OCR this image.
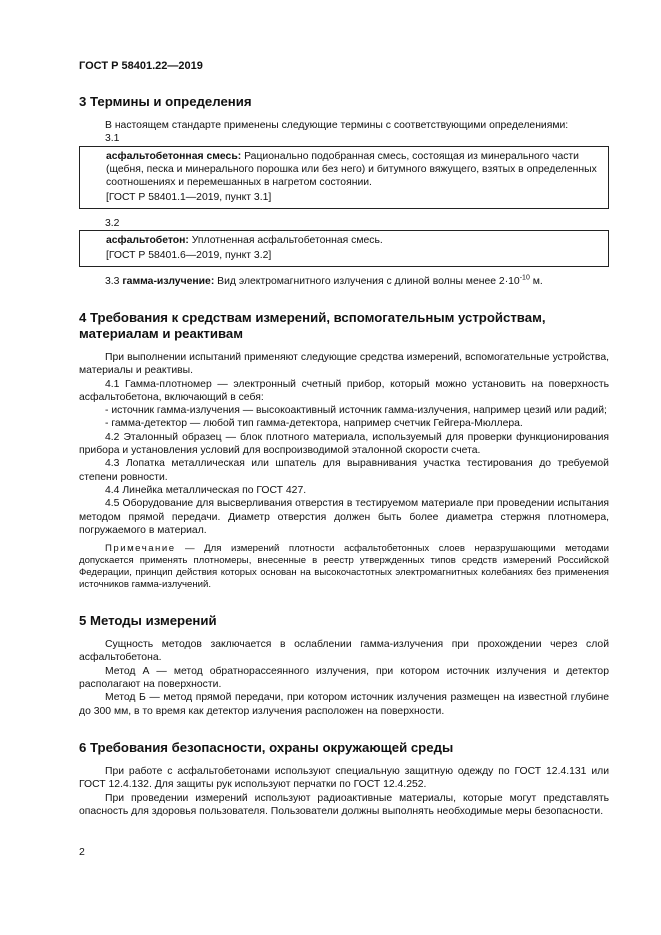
ГОСТ Р 58401.22—2019
3 Термины и определения

В настоящем стандарте применены следующие термины с соответствующими определениями:

3.1

асфальтобетонная смесь: Рационально подобранная смесь, состоящая из минерального части (щебня, песка и минерального порошка или без него) и битумного вяжущего, взятых в определенных соотношениях и перемешанных в нагретом состоянии.

[ГОСТ Р 58401.1—2019, пункт 3.1]

3.2

асфальтобетон: Уплотненная асфальтобетонная смесь.

[ГОСТ Р 58401.6—2019, пункт 3.2]

3.3 гамма-излучение: Вид электромагнитного излучения с длиной волны менее $2\cdot 10^{-10}$ м.

4 Требования к средствам измерений, вспомогательным устройствам, материалам и реактивам

При выполнении испытаний применяют следующие средства измерений, вспомогательные устройства, материалы и реактивы.

4.1 Гамма-плотномер — электронный счетный прибор, который можно установить на поверхность асфальтобетона, включающий в себя:

- источник гамма-излучения — высокоактивный источник гамма-излучения, например цезий или радий;

- гамма-детектор — любой тип гамма-детектора, например счетчик Гейгера-Мюллера.

4.2 Эталонный образец — блок плотного материала, используемый для проверки функционирования прибора и установления условий для воспроизводимой эталонной скорости счета.

4.3 Лопатка металлическая или шпатель для выравнивания участка тестирования до требуемой степени ровности.

4.4 Линейка металлическая по ГОСТ 427.

4.5 Оборудование для высверливания отверстия в тестируемом материале при проведении испытания методом прямой передачи. Диаметр отверстия должен быть более диаметра стержня плотномера, погружаемого в материал.

Примечание — Для измерений плотности асфальтобетонных слоев неразрушающими методами допускается применять плотномеры, внесенные в реестр утвержденных типов средств измерений Российской Федерации, принцип действия которых основан на высокочастотных электромагнитных колебаниях без применения источников гамма-излучений.

5 Методы измерений

Сущность методов заключается в ослаблении гамма-излучения при прохождении через слой асфальтобетона.

Метод А — метод обратнорассеянного излучения, при котором источник излучения и детектор располагают на поверхности.

Метод Б — метод прямой передачи, при котором источник излучения размещен на известной глубине до 300 мм, в то время как детектор излучения расположен на поверхности.

6 Требования безопасности, охраны окружающей среды

При работе с асфальтобетонами используют специальную защитную одежду по ГОСТ 12.4.131 или ГОСТ 12.4.132. Для защиты рук используют перчатки по ГОСТ 12.4.252.

При проведении измерений используют радиоактивные материалы, которые могут представлять опасность для здоровья пользователя. Пользователи должны выполнять необходимые меры безопасности.

2
